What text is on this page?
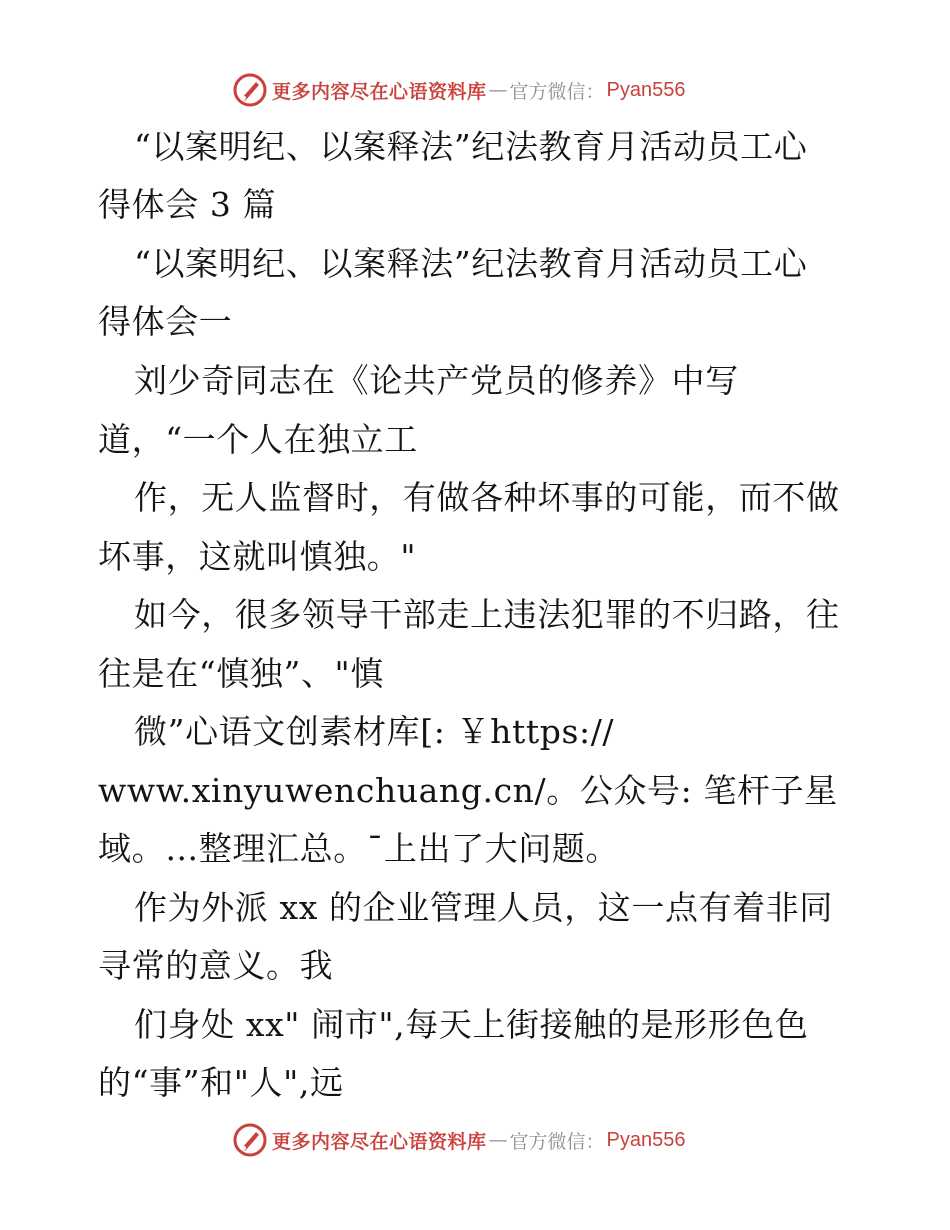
更多内容尽在心语资料库 — 官方微信： Pyan556
“以案明纪、以案释法”纪法教育月活动员工心
得体会 3 篇
“以案明纪、以案释法”纪法教育月活动员工心
得体会一
刘少奇同志在《论共产党员的修养》中写
道，“一个人在独立工
作，无人监督时，有做各种坏事的可能，而不做
坏事，这就叫慎独。"
如今，很多领导干部走上违法犯罪的不归路，往
往是在“慎独”、"慎
微”心语文创素材库[: ￥https://
www.xinyuwenchuang.cn/。公众号: 笔杆子星
域。…整理汇总。¯上出了大问题。
作为外派 xx 的企业管理人员，这一点有着非同
寻常的意义。我
们身处 xx" 闹市",每天上街接触的是形形色色
的“事”和"人",远
更多内容尽在心语资料库 — 官方微信： Pyan556
